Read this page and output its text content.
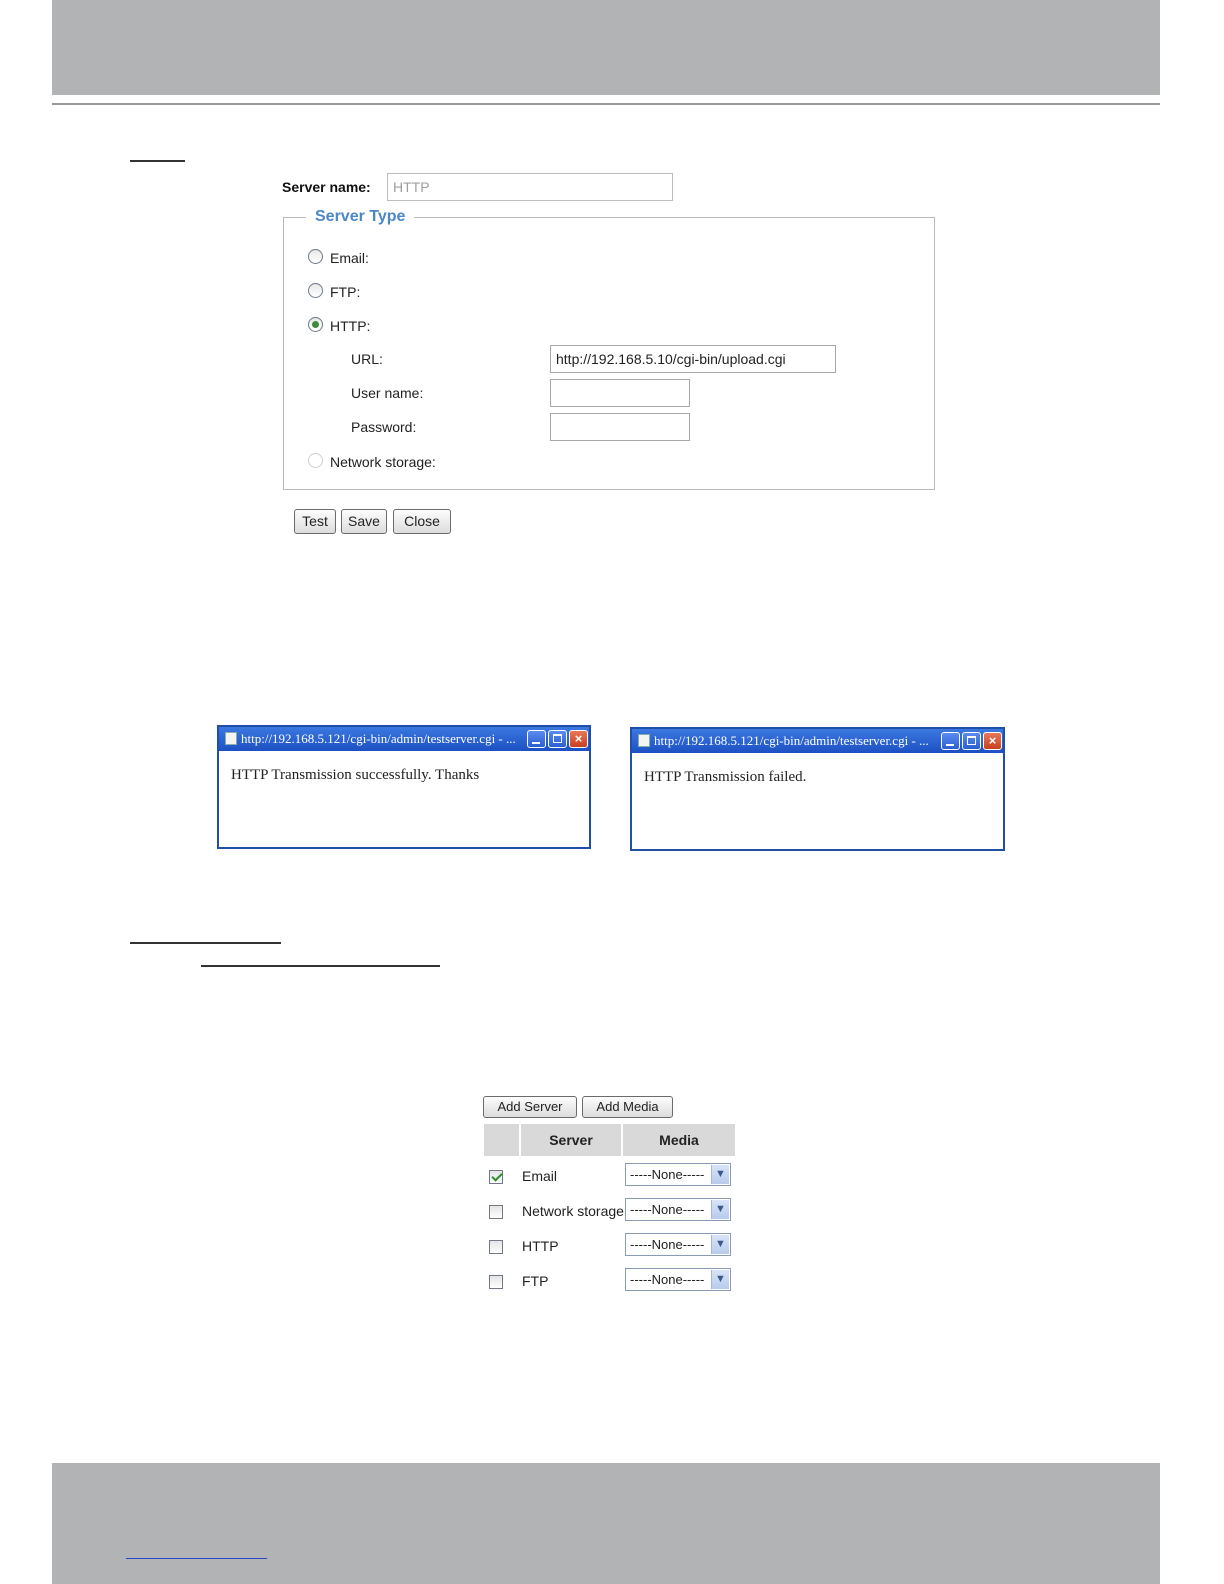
Server name:	HTTP
Server Type
Email:
FTP:
HTTP:
URL:	http://192.168.5.10/cgi-bin/upload.cgi
User name:
Password:
Network storage:
Test	Save	Close
http://192.168.5.121/cgi-bin/admin/testserver.cgi - ...	×
HTTP Transmission successfully. Thanks
http://192.168.5.121/cgi-bin/admin/testserver.cgi - ...	×
HTTP Transmission failed.
Add Server	Add Media
Server	Media
Email	-----None----- ▼
Network storage -----None----- ▼
HTTP	-----None----- ▼
FTP	-----None----- ▼
